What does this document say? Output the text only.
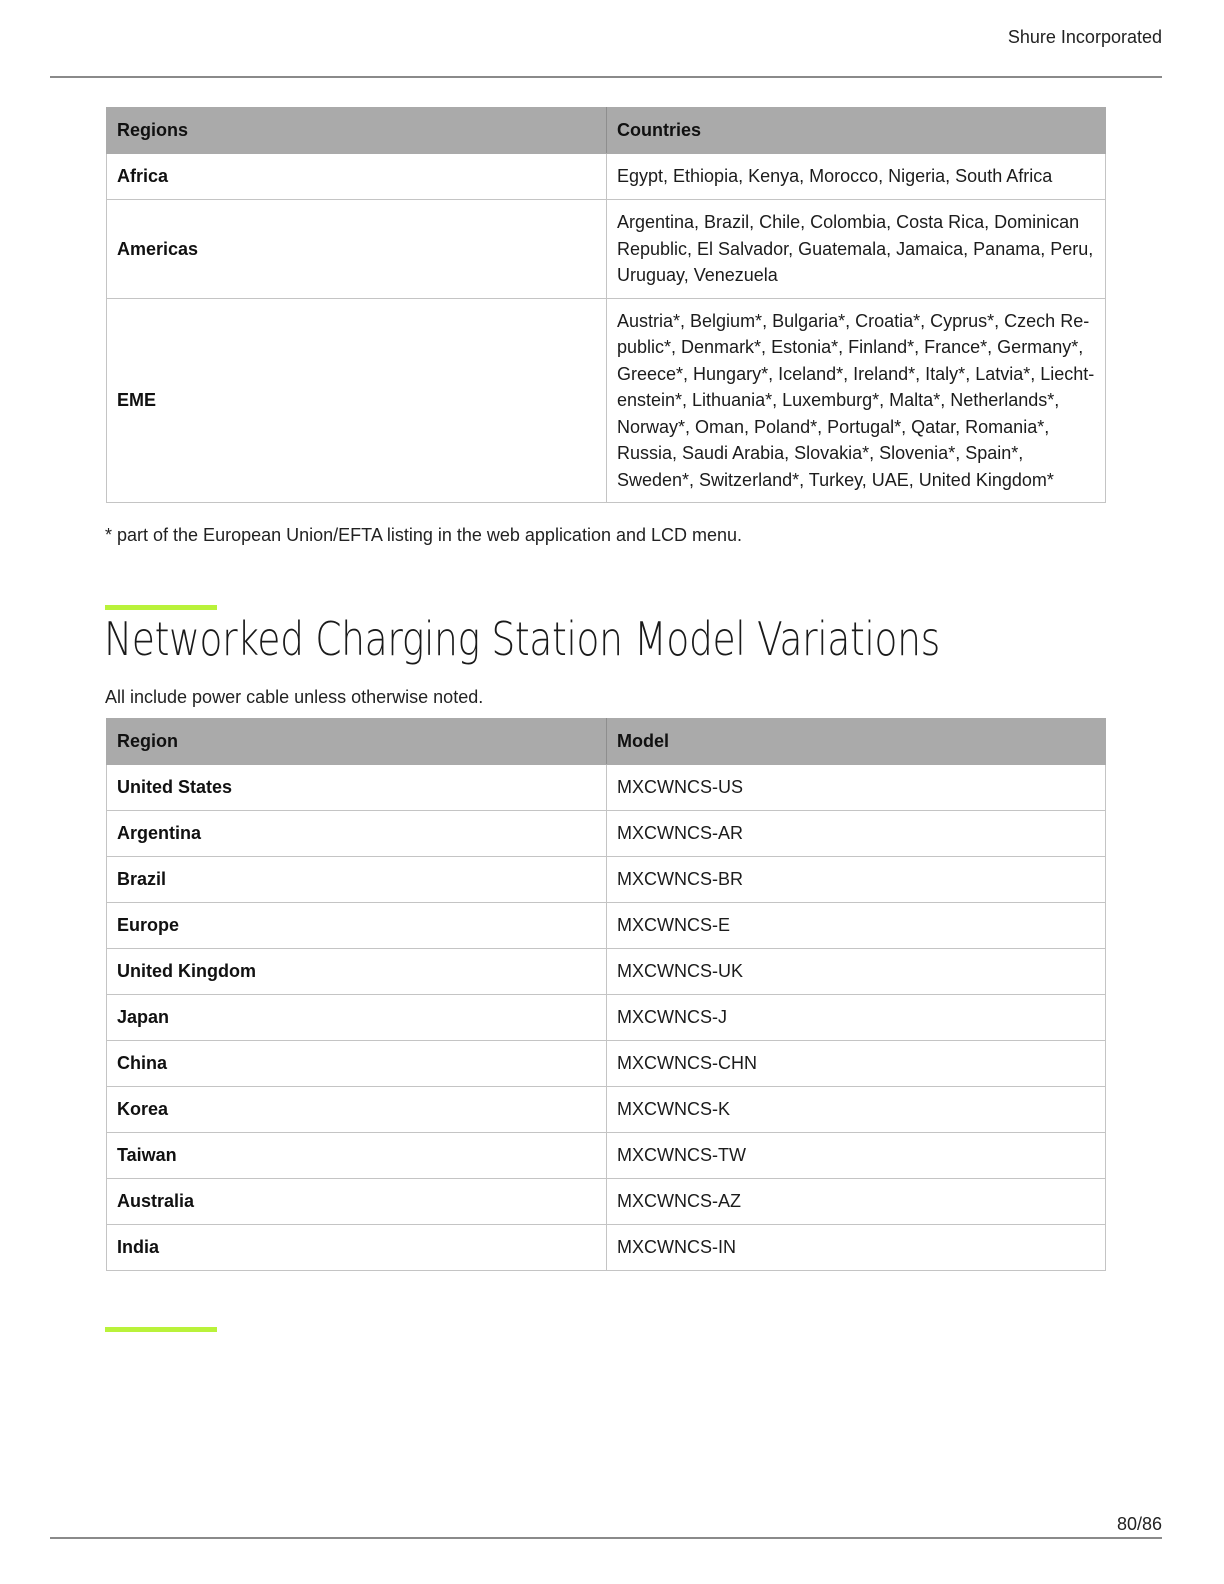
Shure Incorporated
Regions	Countries
Africa	Egypt, Ethiopia, Kenya, Morocco, Nigeria, South Africa
Americas	Argentina, Brazil, Chile, Colombia, Costa Rica, Dominican Republic, El Salvador, Guatemala, Jamaica, Panama, Peru, Uruguay, Venezuela
EME	Austria*, Belgium*, Bulgaria*, Croatia*, Cyprus*, Czech Republic*, Denmark*, Estonia*, Finland*, France*, Germany*, Greece*, Hungary*, Iceland*, Ireland*, Italy*, Latvia*, Liechtenstein*, Lithuania*, Luxemburg*, Malta*, Netherlands*, Norway*, Oman, Poland*, Portugal*, Qatar, Romania*, Russia, Saudi Arabia, Slovakia*, Slovenia*, Spain*, Sweden*, Switzerland*, Turkey, UAE, United Kingdom*
* part of the European Union/EFTA listing in the web application and LCD menu.
Networked Charging Station Model Variations
All include power cable unless otherwise noted.
Region	Model
United States	MXCWNCS-US
Argentina	MXCWNCS-AR
Brazil	MXCWNCS-BR
Europe	MXCWNCS-E
United Kingdom	MXCWNCS-UK
Japan	MXCWNCS-J
China	MXCWNCS-CHN
Korea	MXCWNCS-K
Taiwan	MXCWNCS-TW
Australia	MXCWNCS-AZ
India	MXCWNCS-IN
80/86
